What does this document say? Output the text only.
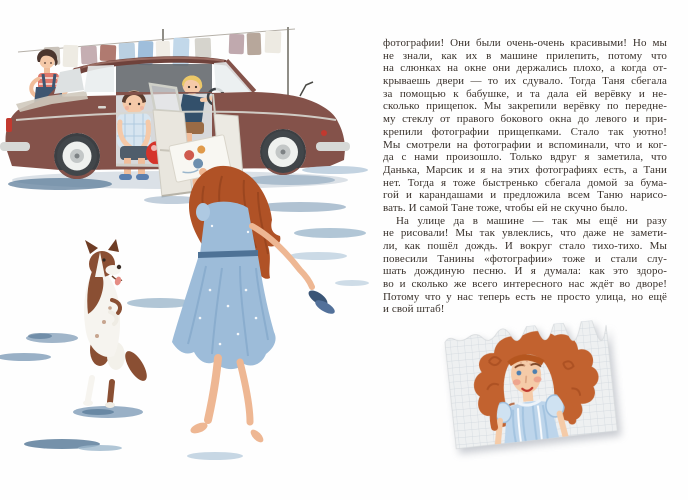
фотографии! Они были очень-очень красивыми! Но мы
не знали, как их в машине прилепить, потому что
на слюнках на окне они держались плохо, а когда от-
крываешь двери — то их сдувало. Тогда Таня сбегала
за помощью к бабушке, и та дала ей верёвку и не-
сколько прищепок. Мы закрепили верёвку по передне-
му стеклу от правого бокового окна до левого и при-
крепили фотографии прищепками. Стало так уютно!
Мы смотрели на фотографии и вспоминали, что и ког-
да с нами произошло. Только вдруг я заметила, что
Данька, Марсик и я на этих фотографиях есть, а Тани
нет. Тогда я тоже быстренько сбегала домой за бума-
гой и карандашами и предложила всем Таню нарисо-
вать. И самой Тане тоже, чтобы ей не скучно было.
На улице да в машине — так мы ещё ни разу
не рисовали! Мы так увлеклись, что даже не замети-
ли, как пошёл дождь. И вокруг стало тихо-тихо. Мы
повесили Танины «фотографии» тоже и стали слу-
шать дождиную песню. И я думала: как это здоро-
во и сколько же всего интересного нас ждёт во дворе!
Потому что у нас теперь есть не просто улица, но ещё
и свой штаб!
